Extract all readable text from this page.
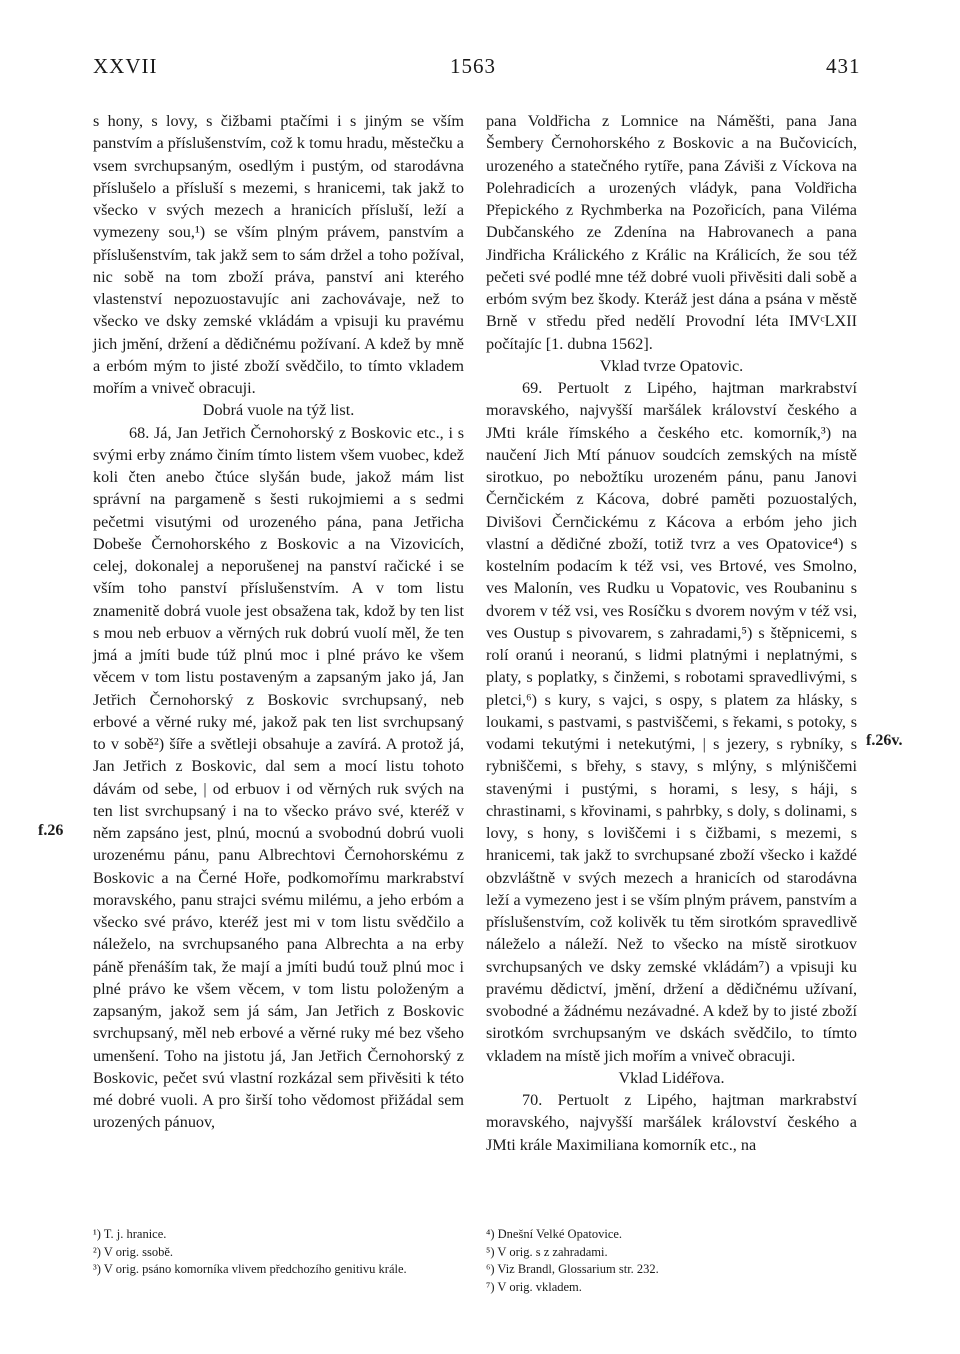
XXVII	1563	431

s hony, s lovy, s čižbami ptačími i s jiným se vším panstvím a příslušenstvím, což k tomu hradu, městečku a vsem svrchupsaným, osedlým i pustým, od starodávna příslušelo a přísluší s mezemi, s hranicemi, tak jakž to všecko v svých mezech a hranicích přísluší, leží a vymezeny sou,¹) se vším plným právem, panstvím a příslušenstvím, tak jakž sem to sám držel a toho požíval, nic sobě na tom zboží práva, panství ani kterého vlastenství nepozuostavujíc ani zachovávaje, než to všecko ve dsky zemské vkládám a vpisuji ku pravému jich jmění, držení a dědičnému požívaní. A kdež by mně a erbóm mým to jisté zboží svědčilo, to tímto vkladem mořím a vniveč obracuji.

Dobrá vuole na týž list.

68. Já, Jan Jetřich Černohorský z Boskovic etc., i s svými erby známo činím tímto listem všem vuobec, kdež koli čten anebo čtúce slyšán bude, jakož mám list správní na pargameně s šesti rukojmiemi a s sedmi pečetmi visutými od urozeného pána, pana Jetřicha Dobeše Černohorského z Boskovic a na Vizovicích, celej, dokonalej a neporušenej na panství račické i se vším toho panství příslušenstvím. A v tom listu znamenitě dobrá vuole jest obsažena tak, kdož by ten list s mou neb erbuov a věrných ruk dobrú vuolí měl, že ten jmá a jmíti bude túž plnú moc i plné právo ke všem věcem v tom listu postaveným a zapsaným jako já, Jan Jetřich Černohorský z Boskovic svrchupsaný, neb erbové a věrné ruky mé, jakož pak ten list svrchupsaný to v sobě²) šíře a světleji obsahuje a zavírá. A protož já, Jan Jetřich z Boskovic, dal sem a mocí listu tohoto dávám od sebe, | od erbuov i od věrných ruk svých na ten list svrchupsaný i na to všecko právo své, kteréž v něm zapsáno jest, plnú, mocnú a svobodnú dobrú vuoli urozenému pánu, panu Albrechtovi Černohorskému z Boskovic a na Černé Hoře, podkomořímu markrabství moravského, panu strajci svému milému, a jeho erbóm a všecko své právo, kteréž jest mi v tom listu svědčilo a náleželo, na svrchupsaného pana Albrechta a na erby páně přenáším tak, že mají a jmíti budú touž plnú moc i plné právo ke všem věcem, v tom listu položeným a zapsaným, jakož sem já sám, Jan Jetřich z Boskovic svrchupsaný, měl neb erbové a věrné ruky mé bez všeho umenšení. Toho na jistotu já, Jan Jetřich Černohorský z Boskovic, pečet svú vlastní rozkázal sem přivěsiti k této mé dobré vuoli. A pro širší toho vědomost přižádal sem urozených pánuov,

pana Voldřicha z Lomnice na Náměšti, pana Jana Šembery Černohorského z Boskovic a na Bučovicích, urozeného a statečného rytíře, pana Záviši z Víckova na Polehradicích a urozených vládyk, pana Voldřicha Přepického z Rychmberka na Pozořicích, pana Viléma Dubčanského ze Zdenína na Habrovanech a pana Jindřicha Králického z Králic na Králicích, že sou též pečeti své podlé mne též dobré vuoli přivěsiti dali sobě a erbóm svým bez škody. Kteráž jest dána a psána v městě Brně v středu před nedělí Provodní léta IMVᶜLXII počítajíc [1. dubna 1562].

Vklad tvrze Opatovic.

69. Pertuolt z Lipého, hajtman markrabství moravského, najvyšší maršálek království českého a JMti krále římského a českého etc. komorník,³) na naučení Jich Mtí pánuov soudcích zemských na místě sirotkuo, po nebožtíku urozeném pánu, panu Janovi Černčickém z Kácova, dobré paměti pozuostalých, Divišovi Černčickému z Kácova a erbóm jeho jich vlastní a dědičné zboží, totiž tvrz a ves Opatovice⁴) s kostelním podacím k též vsi, ves Brtové, ves Smolno, ves Malonín, ves Rudku u Vopatovic, ves Roubaninu s dvorem v též vsi, ves Rosíčku s dvorem novým v též vsi, ves Oustup s pivovarem, s zahradami,⁵) s štěpnicemi, s rolí oranú i neoranú, s lidmi platnými i neplatnými, s platy, s poplatky, s činžemi, s robotami spravedlivými, s pletci,⁶) s kury, s vajci, s ospy, s platem za hlásky, s loukami, s pastvami, s pastviščemi, s řekami, s potoky, s vodami tekutými i netekutými, | s jezery, s rybníky, s rybniščemi, s břehy, s stavy, s mlýny, s mlýniščemi stavenými i pustými, s horami, s lesy, s háji, s chrastinami, s křovinami, s pahrbky, s doly, s dolinami, s lovy, s hony, s loviščemi i s čižbami, s mezemi, s hranicemi, tak jakž to svrchupsané zboží všecko i každé obzvláštně v svých mezech a hranicích od starodávna leží a vymezeno jest i se vším plným právem, panstvím a příslušenstvím, což kolivěk tu těm sirotkóm spravedlivě náleželo a náleží. Než to všecko na místě sirotkuov svrchupsaných ve dsky zemské vkládám⁷) a vpisuji ku pravému dědictví, jmění, držení a dědičnému užívaní, svobodné a žádnému nezávadné. A kdež by to jisté zboží sirotkóm svrchupsaným ve dskách svědčilo, to tímto vkladem na místě jich mořím a vniveč obracuji.

Vklad Lidéřova.

70. Pertuolt z Lipého, hajtman markrabství moravského, najvyšší maršálek království českého a JMti krále Maximiliana komorník etc., na

f.26
f.26v.

¹) T. j. hranice.

²) V orig. ssobě.

³) V orig. psáno komorníka vlivem předchozího genitivu krále.

⁴) Dnešní Velké Opatovice.

⁵) V orig. s z zahradami.

⁶) Viz Brandl, Glossarium str. 232.

⁷) V orig. vkladem.
